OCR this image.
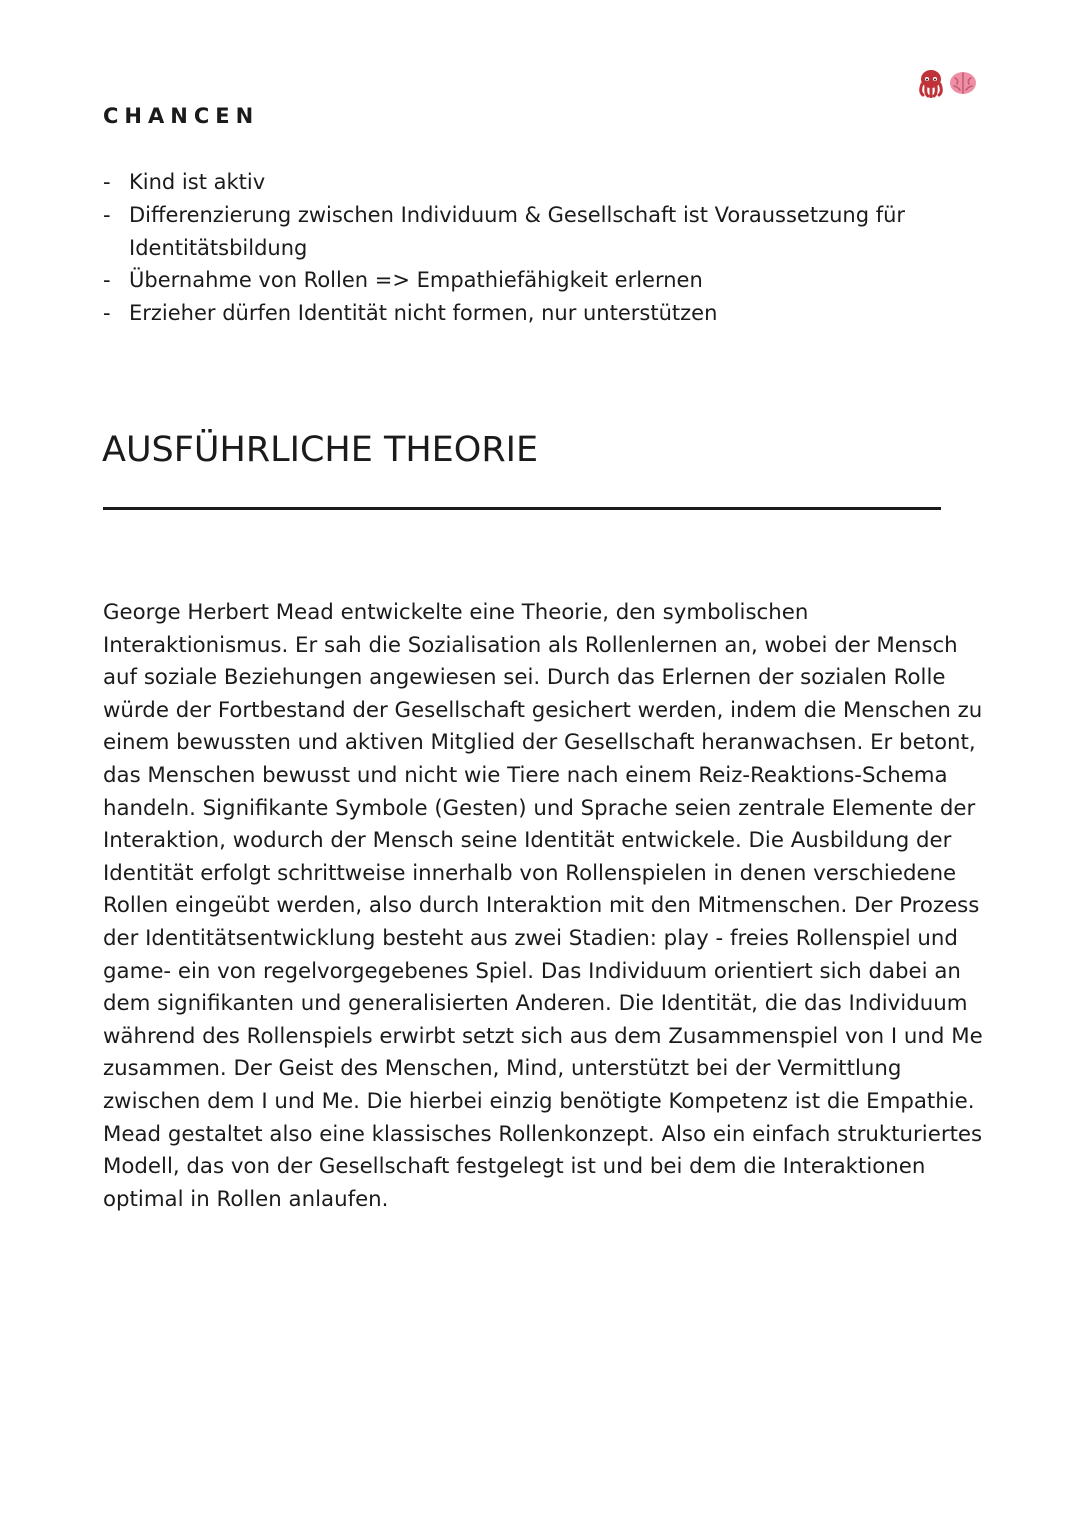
CHANCEN
- Kind ist aktiv
- Differenzierung zwischen Individuum & Gesellschaft ist Voraussetzung für Identitätsbildung
- Übernahme von Rollen => Empathiefähigkeit erlernen
- Erzieher dürfen Identität nicht formen, nur unterstützen
AUSFÜHRLICHE THEORIE

George Herbert Mead entwickelte eine Theorie, den symbolischen Interaktionismus. Er sah die Sozialisation als Rollenlernen an, wobei der Mensch auf soziale Beziehungen angewiesen sei. Durch das Erlernen der sozialen Rolle würde der Fortbestand der Gesellschaft gesichert werden, indem die Menschen zu einem bewussten und aktiven Mitglied der Gesellschaft heranwachsen. Er betont, das Menschen bewusst und nicht wie Tiere nach einem Reiz-Reaktions-Schema handeln. Signifikante Symbole (Gesten) und Sprache seien zentrale Elemente der Interaktion, wodurch der Mensch seine Identität entwickele. Die Ausbildung der Identität erfolgt schrittweise innerhalb von Rollenspielen in denen verschiedene Rollen eingeübt werden, also durch Interaktion mit den Mitmenschen. Der Prozess der Identitätsentwicklung besteht aus zwei Stadien: play - freies Rollenspiel und game- ein von regelvorgegebenes Spiel. Das Individuum orientiert sich dabei an dem signifikanten und generalisierten Anderen. Die Identität, die das Individuum während des Rollenspiels erwirbt setzt sich aus dem Zusammenspiel von I und Me zusammen. Der Geist des Menschen, Mind, unterstützt bei der Vermittlung zwischen dem I und Me. Die hierbei einzig benötigte Kompetenz ist die Empathie. Mead gestaltet also eine klassisches Rollenkonzept. Also ein einfach strukturiertes Modell, das von der Gesellschaft festgelegt ist und bei dem die Interaktionen optimal in Rollen anlaufen.
